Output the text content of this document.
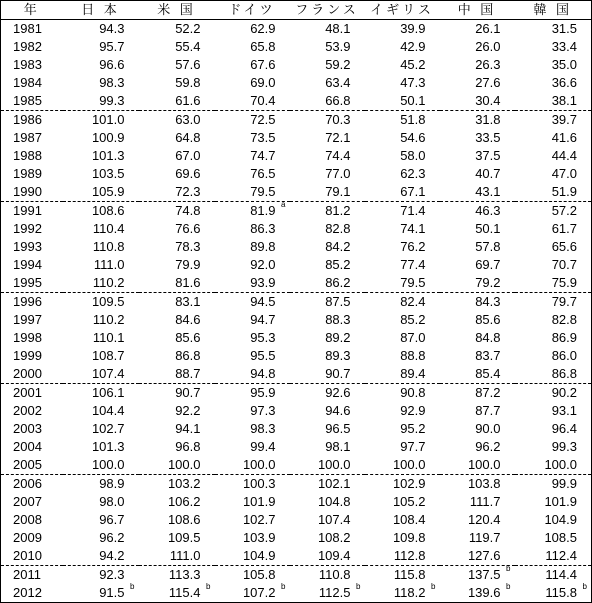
年	日 本	米 国	ドイツ	フランス	イギリス	中 国	韓 国
1981	94.3	52.2	62.9	48.1	39.9	26.1	31.5
1982	95.7	55.4	65.8	53.9	42.9	26.0	33.4
1983	96.6	57.6	67.6	59.2	45.2	26.3	35.0
1984	98.3	59.8	69.0	63.4	47.3	27.6	36.6
1985	99.3	61.6	70.4	66.8	50.1	30.4	38.1
1986	101.0	63.0	72.5	70.3	51.8	31.8	39.7
1987	100.9	64.8	73.5	72.1	54.6	33.5	41.6
1988	101.3	67.0	74.7	74.4	58.0	37.5	44.4
1989	103.5	69.6	76.5	77.0	62.3	40.7	47.0
1990	105.9	72.3	79.5	79.1	67.1	43.1	51.9
1991	108.6	74.8	81.9 a	81.2	71.4	46.3	57.2
1992	110.4	76.6	86.3	82.8	74.1	50.1	61.7
1993	110.8	78.3	89.8	84.2	76.2	57.8	65.6
1994	111.0	79.9	92.0	85.2	77.4	69.7	70.7
1995	110.2	81.6	93.9	86.2	79.5	79.2	75.9
1996	109.5	83.1	94.5	87.5	82.4	84.3	79.7
1997	110.2	84.6	94.7	88.3	85.2	85.6	82.8
1998	110.1	85.6	95.3	89.2	87.0	84.8	86.9
1999	108.7	86.8	95.5	89.3	88.8	83.7	86.0
2000	107.4	88.7	94.8	90.7	89.4	85.4	86.8
2001	106.1	90.7	95.9	92.6	90.8	87.2	90.2
2002	104.4	92.2	97.3	94.6	92.9	87.7	93.1
2003	102.7	94.1	98.3	96.5	95.2	90.0	96.4
2004	101.3	96.8	99.4	98.1	97.7	96.2	99.3
2005	100.0	100.0	100.0	100.0	100.0	100.0	100.0
2006	98.9	103.2	100.3	102.1	102.9	103.8	99.9
2007	98.0	106.2	101.9	104.8	105.2	111.7	101.9
2008	96.7	108.6	102.7	107.4	108.4	120.4	104.9
2009	96.2	109.5	103.9	108.2	109.8	119.7	108.5
2010	94.2	111.0	104.9	109.4	112.8	127.6	112.4
2011	92.3	113.3	105.8	110.8	115.8	137.5 b	114.4
2012	91.5 b	115.4 b	107.2 b	112.5 b	118.2 b	139.6 b	115.8 b
